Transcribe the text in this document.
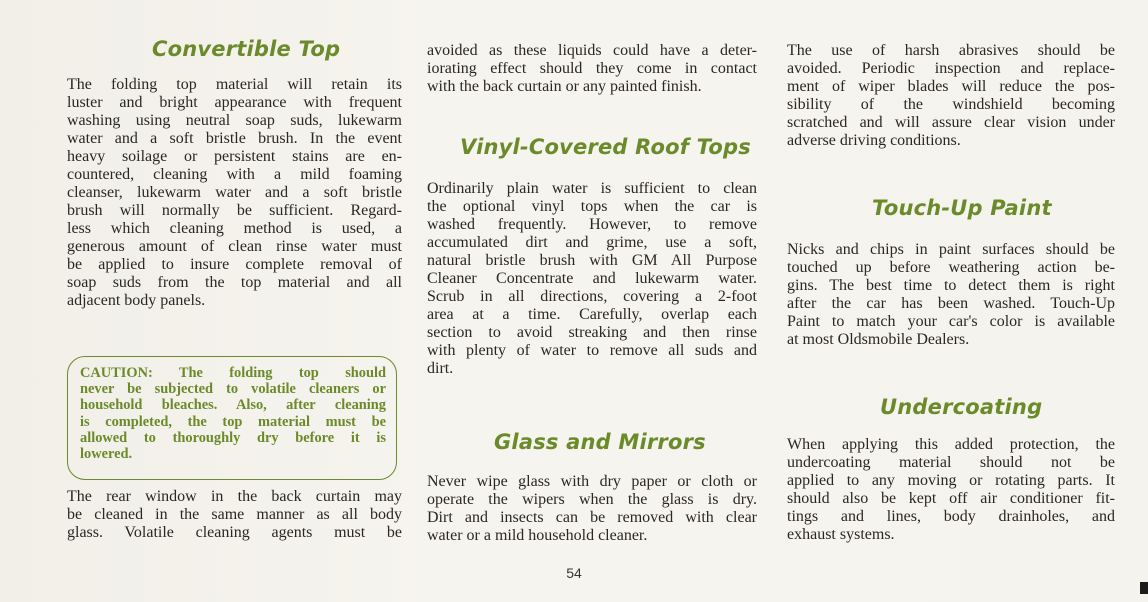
Convertible Top
The folding top material will retain its
luster and bright appearance with frequent
washing using neutral soap suds, lukewarm
water and a soft bristle brush. In the event
heavy soilage or persistent stains are en-
countered, cleaning with a mild foaming
cleanser, lukewarm water and a soft bristle
brush will normally be sufficient. Regard-
less which cleaning method is used, a
generous amount of clean rinse water must
be applied to insure complete removal of
soap suds from the top material and all
adjacent body panels.
CAUTION: The folding top should
never be subjected to volatile cleaners or
household bleaches. Also, after cleaning
is completed, the top material must be
allowed to thoroughly dry before it is
lowered.
The rear window in the back curtain may
be cleaned in the same manner as all body
glass. Volatile cleaning agents must be
avoided as these liquids could have a deter-
iorating effect should they come in contact
with the back curtain or any painted finish.
Vinyl-Covered Roof Tops
Ordinarily plain water is sufficient to clean
the optional vinyl tops when the car is
washed frequently. However, to remove
accumulated dirt and grime, use a soft,
natural bristle brush with GM All Purpose
Cleaner Concentrate and lukewarm water.
Scrub in all directions, covering a 2-foot
area at a time. Carefully, overlap each
section to avoid streaking and then rinse
with plenty of water to remove all suds and
dirt.
Glass and Mirrors
Never wipe glass with dry paper or cloth or
operate the wipers when the glass is dry.
Dirt and insects can be removed with clear
water or a mild household cleaner.
The use of harsh abrasives should be
avoided. Periodic inspection and replace-
ment of wiper blades will reduce the pos-
sibility of the windshield becoming
scratched and will assure clear vision under
adverse driving conditions.
Touch-Up Paint
Nicks and chips in paint surfaces should be
touched up before weathering action be-
gins. The best time to detect them is right
after the car has been washed. Touch-Up
Paint to match your car's color is available
at most Oldsmobile Dealers.
Undercoating
When applying this added protection, the
undercoating material should not be
applied to any moving or rotating parts. It
should also be kept off air conditioner fit-
tings and lines, body drainholes, and
exhaust systems.
54
